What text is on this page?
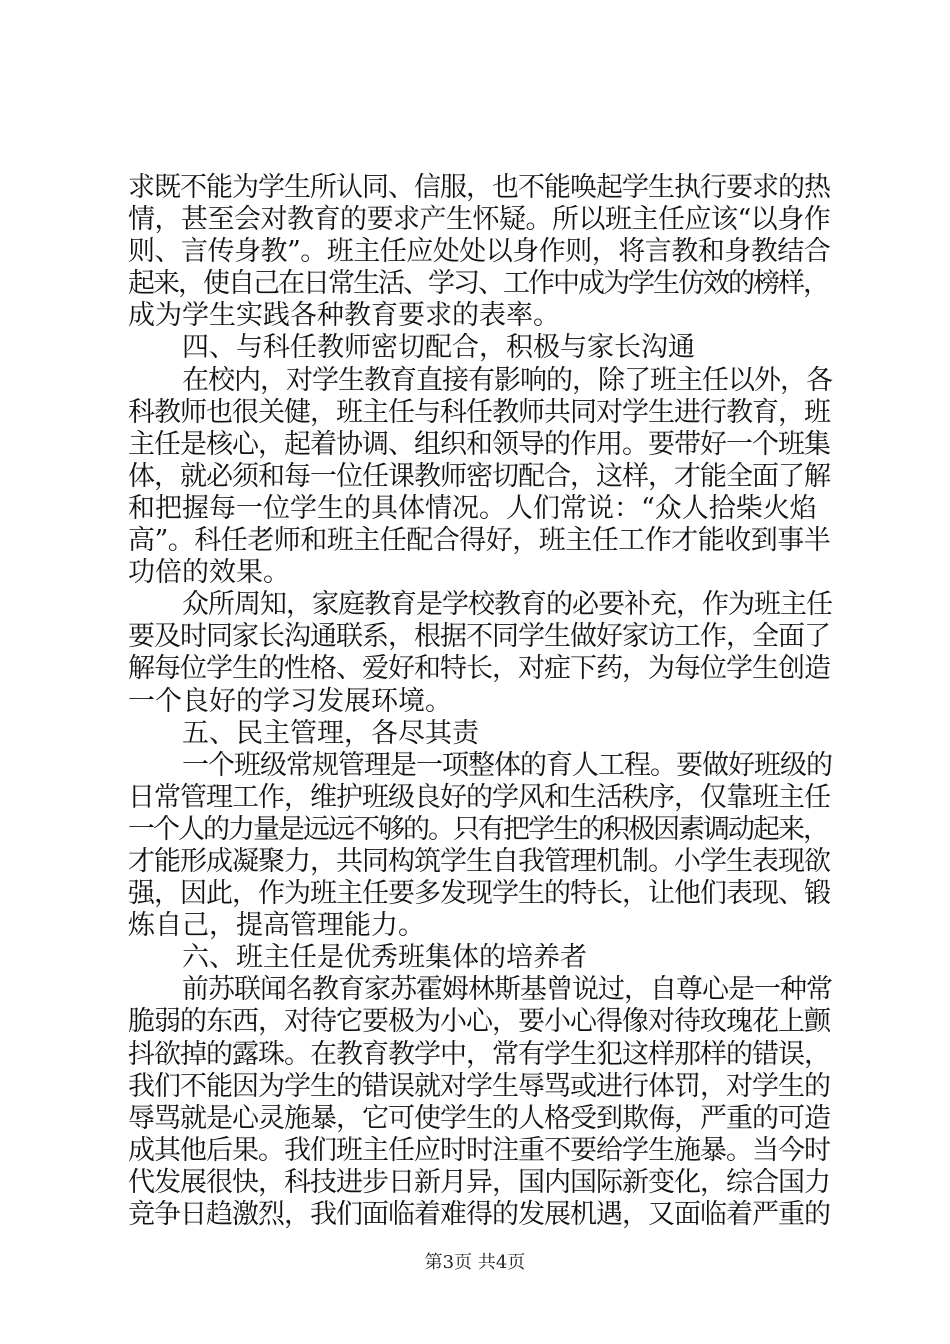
求既不能为学生所认同、信服，也不能唤起学生执行要求的热
情，甚至会对教育的要求产生怀疑。所以班主任应该“以身作
则、言传身教”。班主任应处处以身作则，将言教和身教结合
起来，使自己在日常生活、学习、工作中成为学生仿效的榜样，
成为学生实践各种教育要求的表率。
四、与科任教师密切配合，积极与家长沟通
在校内，对学生教育直接有影响的，除了班主任以外，各
科教师也很关健，班主任与科任教师共同对学生进行教育，班
主任是核心，起着协调、组织和领导的作用。要带好一个班集
体，就必须和每一位任课教师密切配合，这样，才能全面了解
和把握每一位学生的具体情况。人们常说：“众人拾柴火焰
高”。科任老师和班主任配合得好，班主任工作才能收到事半
功倍的效果。
众所周知，家庭教育是学校教育的必要补充，作为班主任
要及时同家长沟通联系，根据不同学生做好家访工作，全面了
解每位学生的性格、爱好和特长，对症下药，为每位学生创造
一个良好的学习发展环境。
五、民主管理，各尽其责
一个班级常规管理是一项整体的育人工程。要做好班级的
日常管理工作，维护班级良好的学风和生活秩序，仅靠班主任
一个人的力量是远远不够的。只有把学生的积极因素调动起来，
才能形成凝聚力，共同构筑学生自我管理机制。小学生表现欲
强，因此，作为班主任要多发现学生的特长，让他们表现、锻
炼自己，提高管理能力。
六、班主任是优秀班集体的培养者
前苏联闻名教育家苏霍姆林斯基曾说过，自尊心是一种常
脆弱的东西，对待它要极为小心，要小心得像对待玫瑰花上颤
抖欲掉的露珠。在教育教学中，常有学生犯这样那样的错误，
我们不能因为学生的错误就对学生辱骂或进行体罚，对学生的
辱骂就是心灵施暴，它可使学生的人格受到欺侮，严重的可造
成其他后果。我们班主任应时时注重不要给学生施暴。当今时
代发展很快，科技进步日新月异，国内国际新变化，综合国力
竞争日趋激烈，我们面临着难得的发展机遇，又面临着严重的
第3页 共4页
